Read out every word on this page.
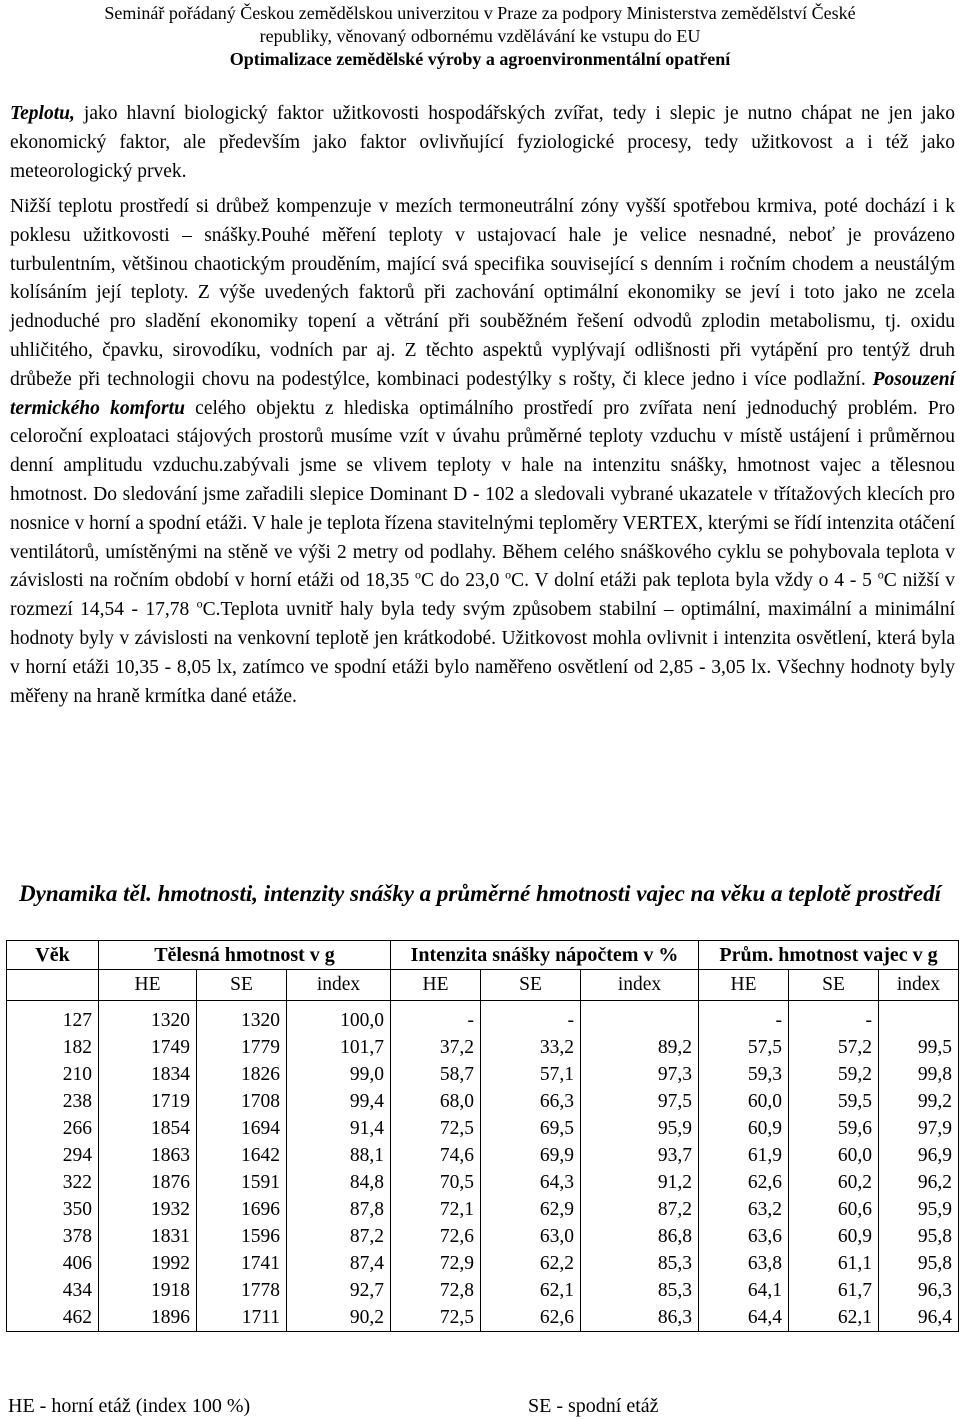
Seminář pořádaný Českou zemědělskou univerzitou v Praze za podpory Ministerstva zemědělství České
republiky, věnovaný odbornému vzdělávání ke vstupu do EU
Optimalizace zemědělské výroby a agroenvironmentální opatření

Teplotu, jako hlavní biologický faktor užitkovosti hospodářských zvířat, tedy i slepic je nutno chápat ne jen jako ekonomický faktor, ale především jako faktor ovlivňující fyziologické procesy, tedy užitkovost a i též jako meteorologický prvek.

Nižší teplotu prostředí si drůbež kompenzuje v mezích termoneutrální zóny vyšší spotřebou krmiva, poté dochází i k poklesu užitkovosti – snášky.Pouhé měření teploty v ustajovací hale je velice nesnadné, neboť je provázeno turbulentním, většinou chaotickým prouděním, mající svá specifika související s denním i ročním chodem a neustálým kolísáním její teploty. Z výše uvedených faktorů při zachování optimální ekonomiky se jeví i toto jako ne zcela jednoduché pro sladění ekonomiky topení a větrání při souběžném řešení odvodů zplodin metabolismu, tj. oxidu uhličitého, čpavku, sirovodíku, vodních par aj. Z těchto aspektů vyplývají odlišnosti při vytápění pro tentýž druh drůbeže při technologii chovu na podestýlce, kombinaci podestýlky s rošty, či klece jedno i více podlažní. Posouzení termického komfortu celého objektu z hlediska optimálního prostředí pro zvířata není jednoduchý problém. Pro celoroční exploataci stájových prostorů musíme vzít v úvahu průměrné teploty vzduchu v místě ustájení i průměrnou denní amplitudu vzduchu.zabývali jsme se vlivem teploty v hale na intenzitu snášky, hmotnost vajec a tělesnou hmotnost. Do sledování jsme zařadili slepice Dominant D - 102 a sledovali vybrané ukazatele v třítažových klecích pro nosnice v horní a spodní etáži. V hale je teplota řízena stavitelnými teploměry VERTEX, kterými se řídí intenzita otáčení ventilátorů, umístěnými na stěně ve výši 2 metry od podlahy. Během celého snáškového cyklu se pohybovala teplota v závislosti na ročním období v horní etáži od 18,35 $^o$C do 23,0 $^o$C. V dolní etáži pak teplota byla vždy o 4 - 5 $^o$C nižší v rozmezí 14,54 - 17,78 $^o$C.Teplota uvnitř haly byla tedy svým způsobem stabilní – optimální, maximální a minimální hodnoty byly v závislosti na venkovní teplotě jen krátkodobé. Užitkovost mohla ovlivnit i intenzita osvětlení, která byla v horní etáži 10,35 - 8,05 lx, zatímco ve spodní etáži bylo naměřeno osvětlení od 2,85 - 3,05 lx. Všechny hodnoty byly měřeny na hraně krmítka dané etáže.

Dynamika těl. hmotnosti, intenzity snášky a průměrné hmotnosti vajec na věku a teplotě prostředí
Věk	Tělesná hmotnost v g			Intenzita snášky nápočtem v %			Prům. hmotnost vajec v g		
	HE	SE	index	HE	SE	index	HE	SE	index
127	1320	1320	100,0	-	-		-	-	
182	1749	1779	101,7	37,2	33,2	89,2	57,5	57,2	99,5
210	1834	1826	99,0	58,7	57,1	97,3	59,3	59,2	99,8
238	1719	1708	99,4	68,0	66,3	97,5	60,0	59,5	99,2
266	1854	1694	91,4	72,5	69,5	95,9	60,9	59,6	97,9
294	1863	1642	88,1	74,6	69,9	93,7	61,9	60,0	96,9
322	1876	1591	84,8	70,5	64,3	91,2	62,6	60,2	96,2
350	1932	1696	87,8	72,1	62,9	87,2	63,2	60,6	95,9
378	1831	1596	87,2	72,6	63,0	86,8	63,6	60,9	95,8
406	1992	1741	87,4	72,9	62,2	85,3	63,8	61,1	95,8
434	1918	1778	92,7	72,8	62,1	85,3	64,1	61,7	96,3
462	1896	1711	90,2	72,5	62,6	86,3	64,4	62,1	96,4
HE - horní etáž (index 100 %)	SE - spodní etáž
